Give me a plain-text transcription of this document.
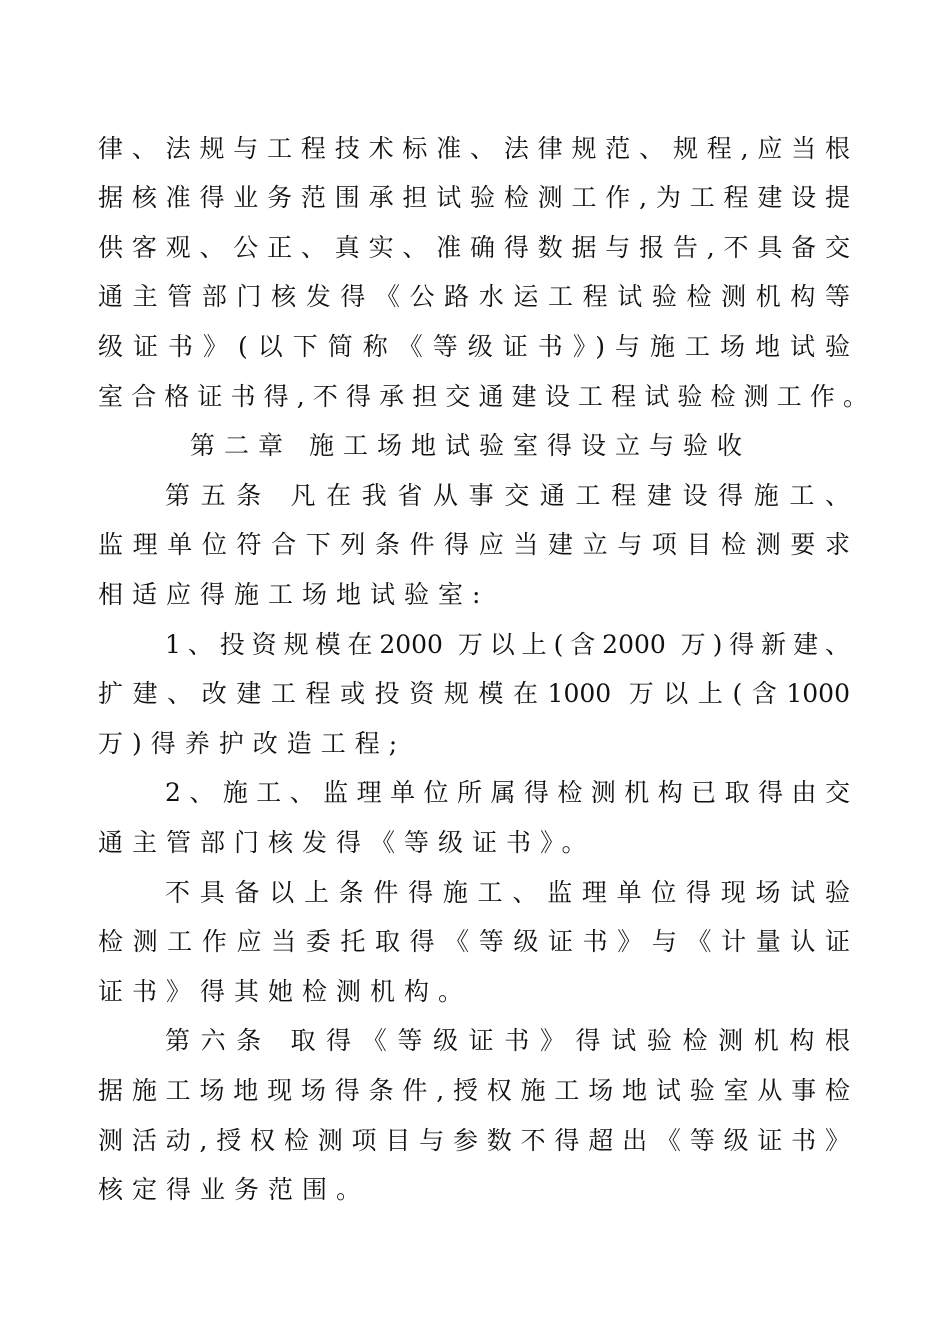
律、法规与工程技术标准、法律规范、规程,应当根
据核准得业务范围承担试验检测工作,为工程建设提
供客观、公正、真实、准确得数据与报告,不具备交
通主管部门核发得《公路水运工程试验检测机构等
级证书》(以下简称《等级证书》)与施工场地试验
室合格证书得,不得承担交通建设工程试验检测工作。
第二章 施工场地试验室得设立与验收
第五条 凡在我省从事交通工程建设得施工、
监理单位符合下列条件得应当建立与项目检测要求
相适应得施工场地试验室:
1、投资规模在2000 万以上(含2000 万)得新建、
扩建、改建工程或投资规模在1000 万以上(含1000
万)得养护改造工程;
2、施工、监理单位所属得检测机构已取得由交
通主管部门核发得《等级证书》。
不具备以上条件得施工、监理单位得现场试验
检测工作应当委托取得《等级证书》与《计量认证
证书》得其她检测机构。
第六条 取得《等级证书》得试验检测机构根
据施工场地现场得条件,授权施工场地试验室从事检
测活动,授权检测项目与参数不得超出《等级证书》
核定得业务范围。
